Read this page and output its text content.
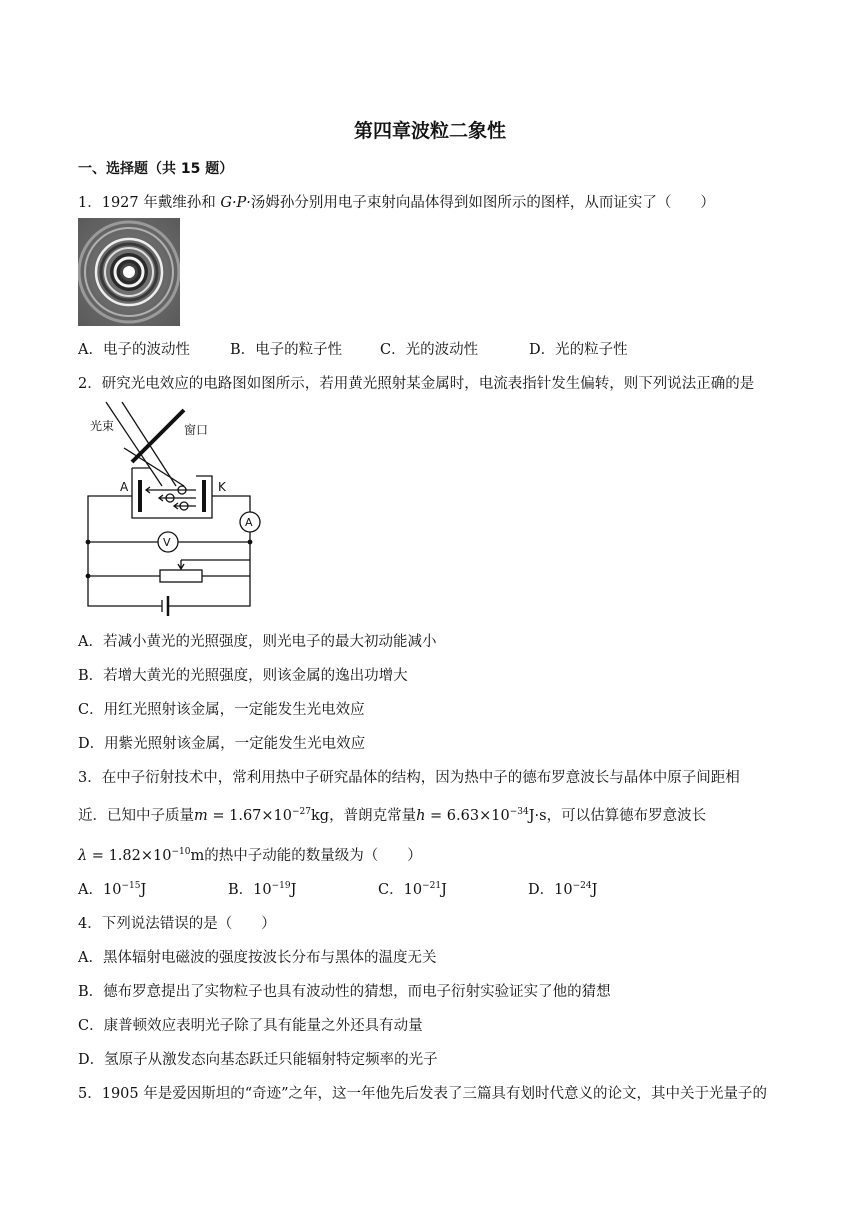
第四章波粒二象性
一、选择题（共 15 题）
1．1927 年戴维孙和 G·P·汤姆孙分别用电子束射向晶体得到如图所示的图样，从而证实了（　　）
A．电子的波动性	B．电子的粒子性	C．光的波动性	D．光的粒子性
2．研究光电效应的电路图如图所示，若用黄光照射某金属时，电流表指针发生偏转，则下列说法正确的是
光束	窗口
A	K
A
V
A．若减小黄光的光照强度，则光电子的最大初动能减小
B．若增大黄光的光照强度，则该金属的逸出功增大
C．用红光照射该金属，一定能发生光电效应
D．用紫光照射该金属，一定能发生光电效应
3．在中子衍射技术中，常利用热中子研究晶体的结构，因为热中子的德布罗意波长与晶体中原子间距相
近．已知中子质量$m = 1.67\times 10^{-27}kg$，普朗克常量$h = 6.63\times 10^{-34}J\cdot s$，可以估算德布罗意波长
$\lambda = 1.82\times 10^{-10}m$的热中子动能的数量级为（　　）
A．$10^{-15}J$	B．$10^{-19}J$	C．$10^{-21}J$	D．$10^{-24}J$
4．下列说法错误的是（　　）
A．黑体辐射电磁波的强度按波长分布与黑体的温度无关
B．德布罗意提出了实物粒子也具有波动性的猜想，而电子衍射实验证实了他的猜想
C．康普顿效应表明光子除了具有能量之外还具有动量
D．氢原子从激发态向基态跃迁只能辐射特定频率的光子
5．1905 年是爱因斯坦的“奇迹”之年，这一年他先后发表了三篇具有划时代意义的论文，其中关于光量子的
